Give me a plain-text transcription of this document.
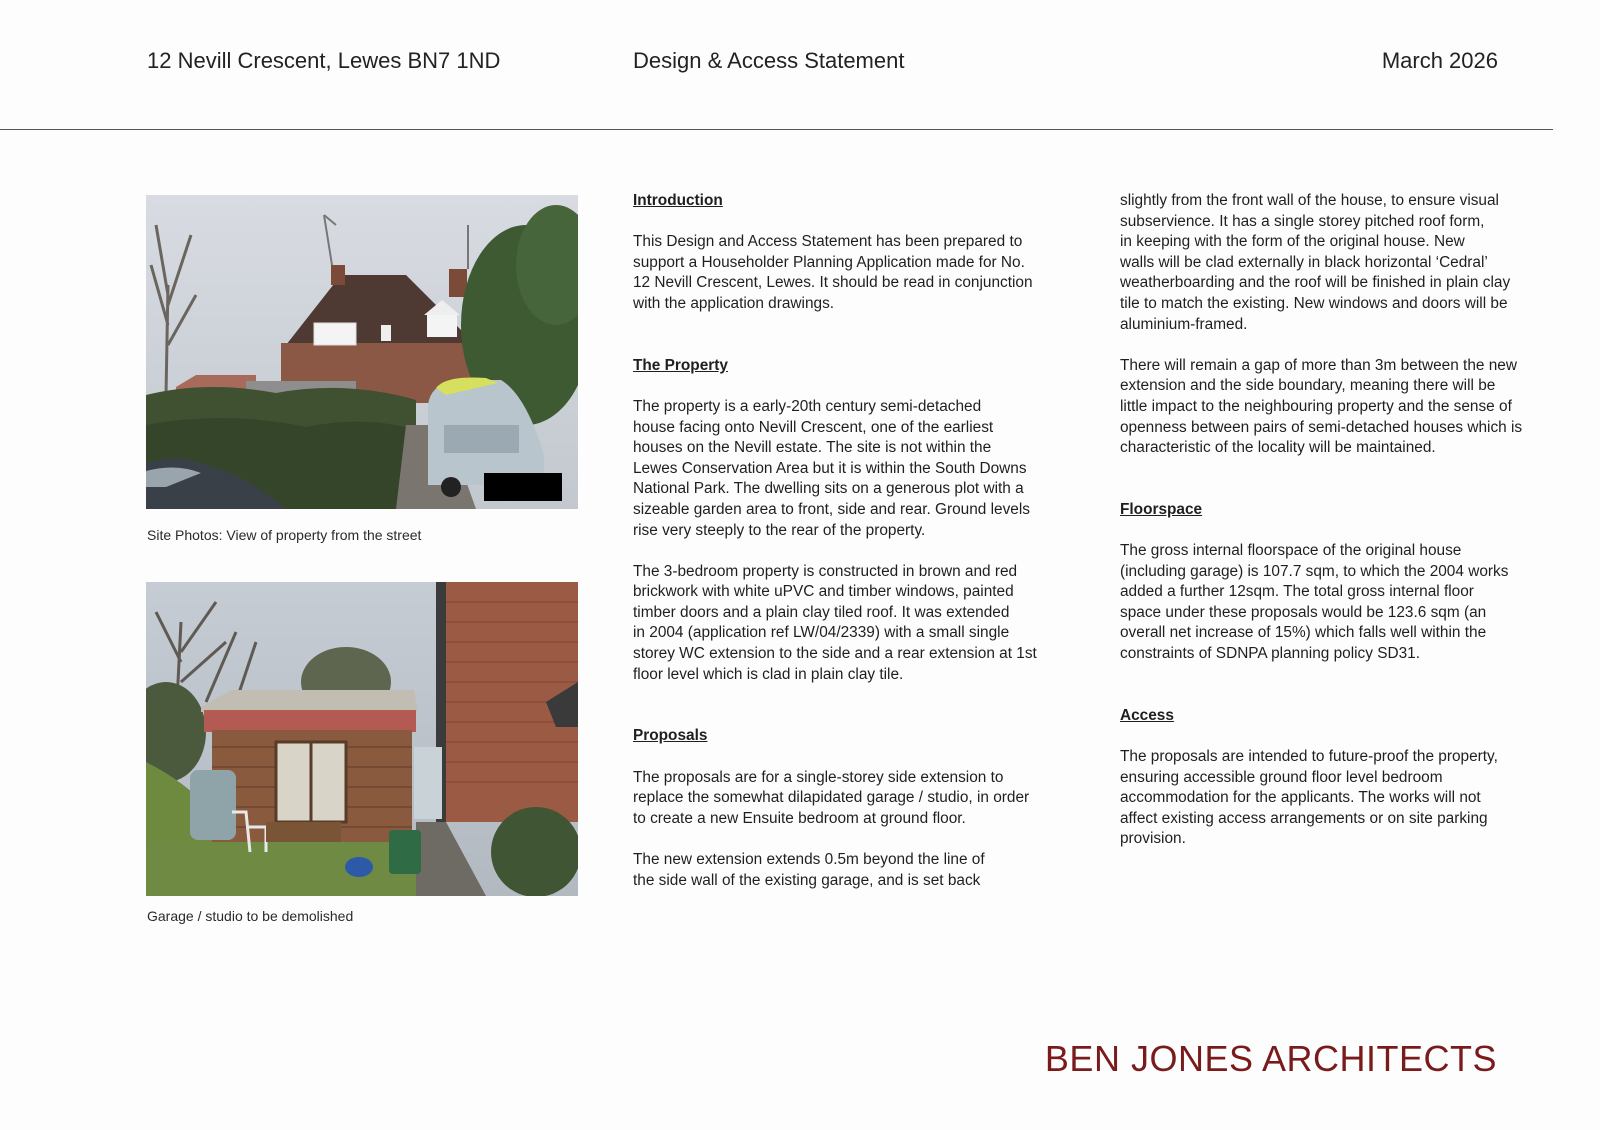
12 Nevill Crescent, Lewes BN7 1ND	Design & Access Statement	March 2026
Site Photos: View of property from the street
Garage / studio to be demolished
Introduction

This Design and Access Statement has been prepared to
support a Householder Planning Application made for No.
12 Nevill Crescent, Lewes. It should be read in conjunction
with the application drawings.

The Property

The property is a early-20th century semi-detached
house facing onto Nevill Crescent, one of the earliest
houses on the Nevill estate. The site is not within the
Lewes Conservation Area but it is within the South Downs
National Park. The dwelling sits on a generous plot with a
sizeable garden area to front, side and rear. Ground levels
rise very steeply to the rear of the property.

The 3-bedroom property is constructed in brown and red
brickwork with white uPVC and timber windows, painted
timber doors and a plain clay tiled roof. It was extended
in 2004 (application ref LW/04/2339) with a small single
storey WC extension to the side and a rear extension at 1st
floor level which is clad in plain clay tile.

Proposals

The proposals are for a single-storey side extension to
replace the somewhat dilapidated garage / studio, in order
to create a new Ensuite bedroom at ground floor.

The new extension extends 0.5m beyond the line of
the side wall of the existing garage, and is set back

slightly from the front wall of the house, to ensure visual
subservience. It has a single storey pitched roof form,
in keeping with the form of the original house. New
walls will be clad externally in black horizontal ‘Cedral’
weatherboarding and the roof will be finished in plain clay
tile to match the existing. New windows and doors will be
aluminium-framed.

There will remain a gap of more than 3m between the new
extension and the side boundary, meaning there will be
little impact to the neighbouring property and the sense of
openness between pairs of semi-detached houses which is
characteristic of the locality will be maintained.

Floorspace

The gross internal floorspace of the original house
(including garage) is 107.7 sqm, to which the 2004 works
added a further 12sqm. The total gross internal floor
space under these proposals would be 123.6 sqm (an
overall net increase of 15%) which falls well within the
constraints of SDNPA planning policy SD31.

Access

The proposals are intended to future-proof the property,
ensuring accessible ground floor level bedroom
accommodation for the applicants. The works will not
affect existing access arrangements or on site parking
provision.

BEN JONES ARCHITECTS
